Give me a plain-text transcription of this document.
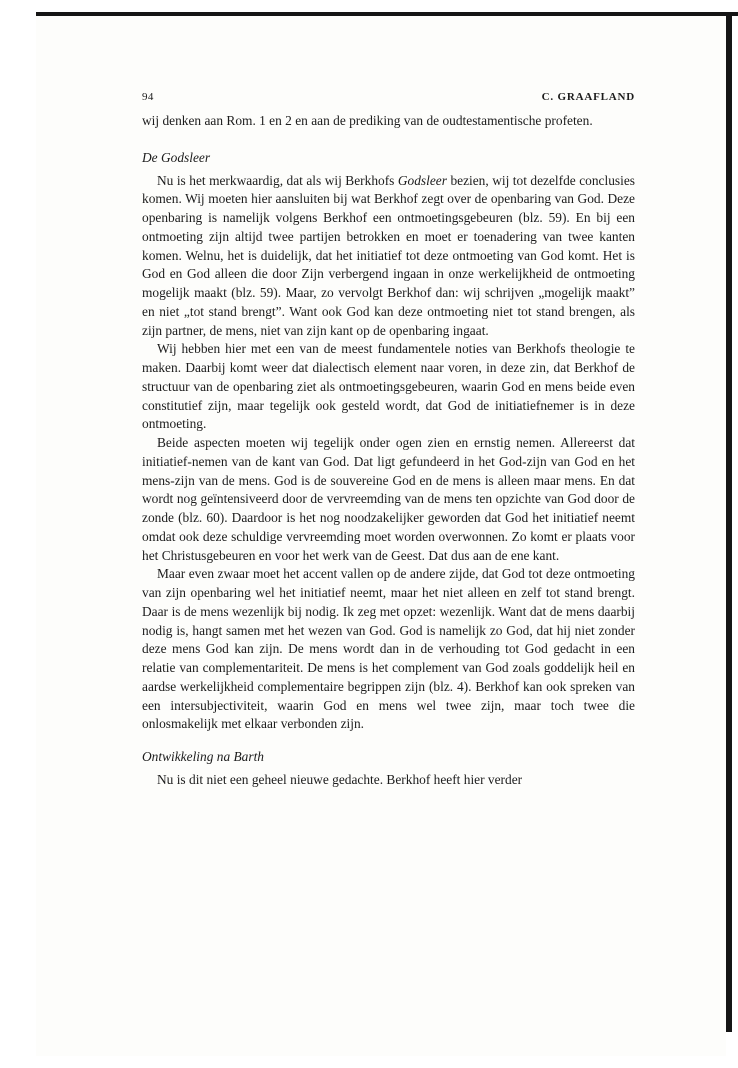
94	C. GRAAFLAND

wij denken aan Rom. 1 en 2 en aan de prediking van de oudtestamentische profeten.

De Godsleer

Nu is het merkwaardig, dat als wij Berkhofs Godsleer bezien, wij tot dezelfde conclusies komen. Wij moeten hier aansluiten bij wat Berkhof zegt over de openbaring van God. Deze openbaring is namelijk volgens Berkhof een ontmoetingsgebeuren (blz. 59). En bij een ontmoeting zijn altijd twee partijen betrokken en moet er toenadering van twee kanten komen. Welnu, het is duidelijk, dat het initiatief tot deze ontmoeting van God komt. Het is God en God alleen die door Zijn verbergend ingaan in onze werkelijkheid de ontmoeting mogelijk maakt (blz. 59). Maar, zo vervolgt Berkhof dan: wij schrijven „mogelijk maakt” en niet „tot stand brengt”. Want ook God kan deze ontmoeting niet tot stand brengen, als zijn partner, de mens, niet van zijn kant op de openbaring ingaat.

Wij hebben hier met een van de meest fundamentele noties van Berkhofs theologie te maken. Daarbij komt weer dat dialectisch element naar voren, in deze zin, dat Berkhof de structuur van de openbaring ziet als ontmoetingsgebeuren, waarin God en mens beide even constitutief zijn, maar tegelijk ook gesteld wordt, dat God de initiatiefnemer is in deze ontmoeting.

Beide aspecten moeten wij tegelijk onder ogen zien en ernstig nemen. Allereerst dat initiatief-nemen van de kant van God. Dat ligt gefundeerd in het God-zijn van God en het mens-zijn van de mens. God is de souvereine God en de mens is alleen maar mens. En dat wordt nog geïntensiveerd door de vervreemding van de mens ten opzichte van God door de zonde (blz. 60). Daardoor is het nog noodzakelijker geworden dat God het initiatief neemt omdat ook deze schuldige vervreemding moet worden overwonnen. Zo komt er plaats voor het Christusgebeuren en voor het werk van de Geest. Dat dus aan de ene kant.

Maar even zwaar moet het accent vallen op de andere zijde, dat God tot deze ontmoeting van zijn openbaring wel het initiatief neemt, maar het niet alleen en zelf tot stand brengt. Daar is de mens wezenlijk bij nodig. Ik zeg met opzet: wezenlijk. Want dat de mens daarbij nodig is, hangt samen met het wezen van God. God is namelijk zo God, dat hij niet zonder deze mens God kan zijn. De mens wordt dan in de verhouding tot God gedacht in een relatie van complementariteit. De mens is het complement van God zoals goddelijk heil en aardse werkelijkheid complementaire begrippen zijn (blz. 4). Berkhof kan ook spreken van een intersubjectiviteit, waarin God en mens wel twee zijn, maar toch twee die onlosmakelijk met elkaar verbonden zijn.

Ontwikkeling na Barth

Nu is dit niet een geheel nieuwe gedachte. Berkhof heeft hier verder
